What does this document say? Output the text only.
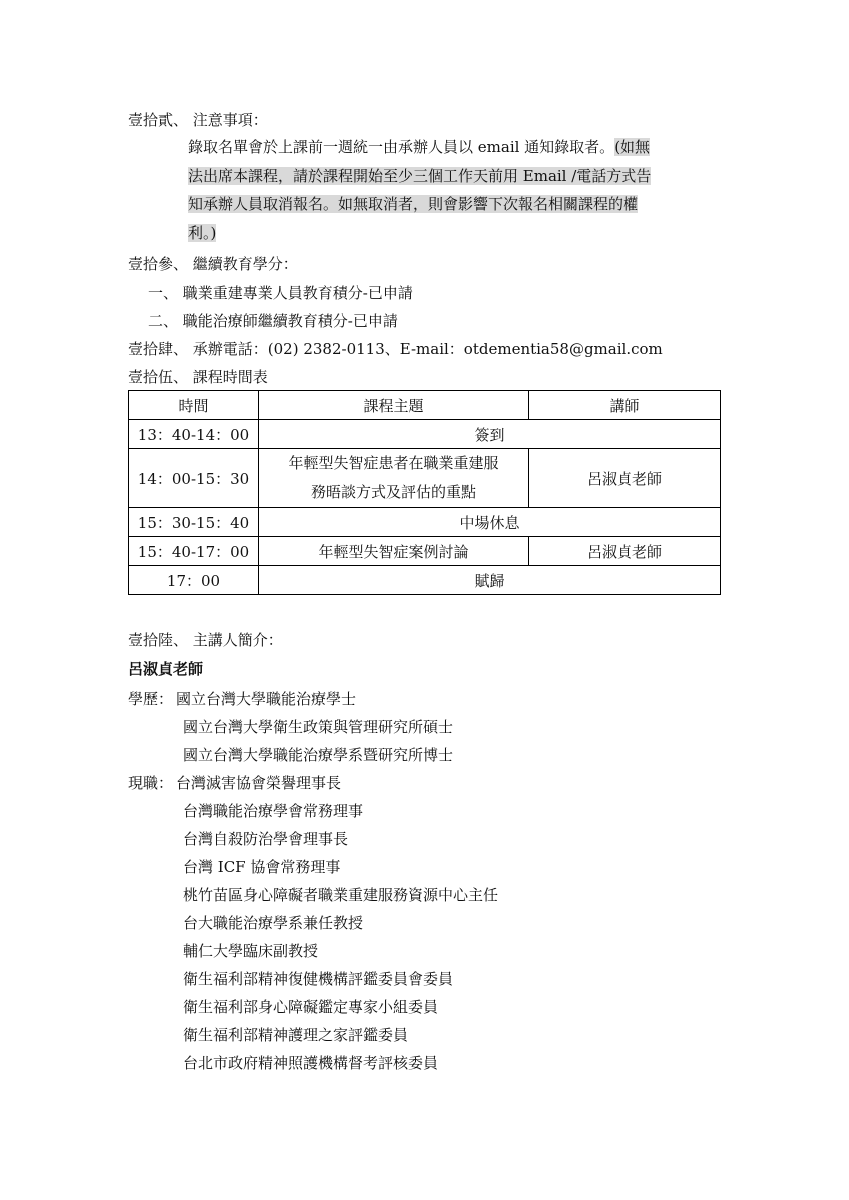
壹拾貳、 注意事項：
錄取名單會於上課前一週統一由承辦人員以 email 通知錄取者。(如無
法出席本課程，請於課程開始至少三個工作天前用 Email /電話方式告
知承辦人員取消報名。如無取消者，則會影響下次報名相關課程的權
利。)
壹拾參、 繼續教育學分：
一、 職業重建專業人員教育積分-已申請
二、 職能治療師繼續教育積分-已申請
壹拾肆、 承辦電話：(02) 2382-0113、E-mail：otdementia58@gmail.com
壹拾伍、 課程時間表
時間	課程主題	講師
13：40-14：00	簽到	
14：00-15：30	年輕型失智症患者在職業重建服
務晤談方式及評估的重點	呂淑貞老師
15：30-15：40	中場休息	
15：40-17：00	年輕型失智症案例討論	呂淑貞老師
17：00	賦歸	
壹拾陸、 主講人簡介：
呂淑貞老師
學歷： 國立台灣大學職能治療學士
國立台灣大學衛生政策與管理研究所碩士
國立台灣大學職能治療學系暨研究所博士
現職： 台灣滅害協會榮譽理事長
台灣職能治療學會常務理事
台灣自殺防治學會理事長
台灣 ICF 協會常務理事
桃竹苗區身心障礙者職業重建服務資源中心主任
台大職能治療學系兼任教授
輔仁大學臨床副教授
衛生福利部精神復健機構評鑑委員會委員
衛生福利部身心障礙鑑定專家小組委員
衛生福利部精神護理之家評鑑委員
台北市政府精神照護機構督考評核委員
